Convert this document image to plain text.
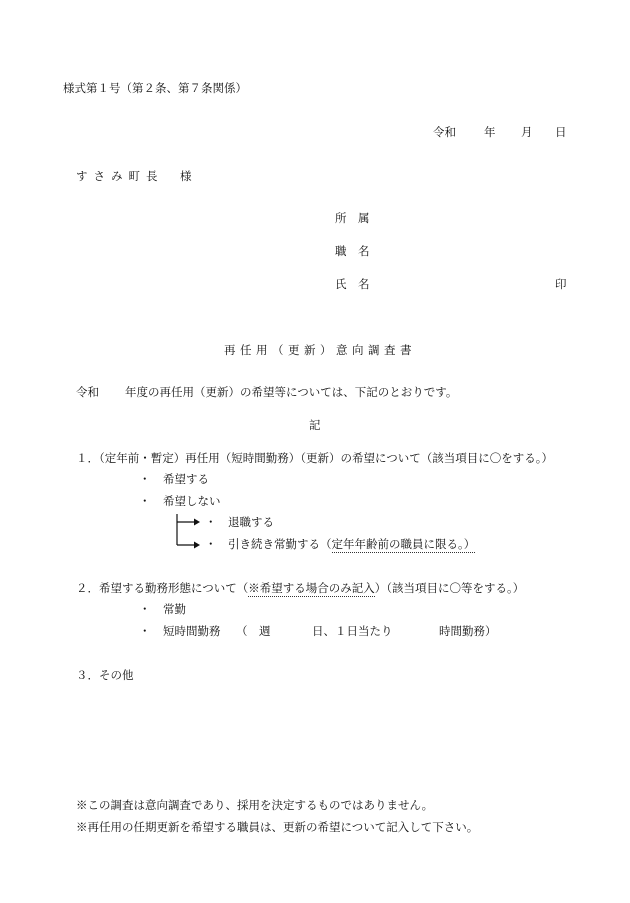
様式第１号（第２条、第７条関係）
令和 年 月 日
すさみ町長 様
所　属
職　名
氏　名	印
再任用（更新）意向調査書
令和 年度の再任用（更新）の希望等については、下記のとおりです。
記
１．（定年前・暫定）再任用（短時間勤務）（更新）の希望について（該当項目に〇をする。）
・ 希望する
・ 希望しない
・ 退職する
・ 引き続き常勤する（定年年齢前の職員に限る。）
２．希望する勤務形態について（※希望する場合のみ記入）（該当項目に〇等をする。）
・ 常勤
・ 短時間勤務 （ 週	日、１日当たり	時間勤務）
３．その他
※この調査は意向調査であり、採用を決定するものではありません。
※再任用の任期更新を希望する職員は、更新の希望について記入して下さい。
